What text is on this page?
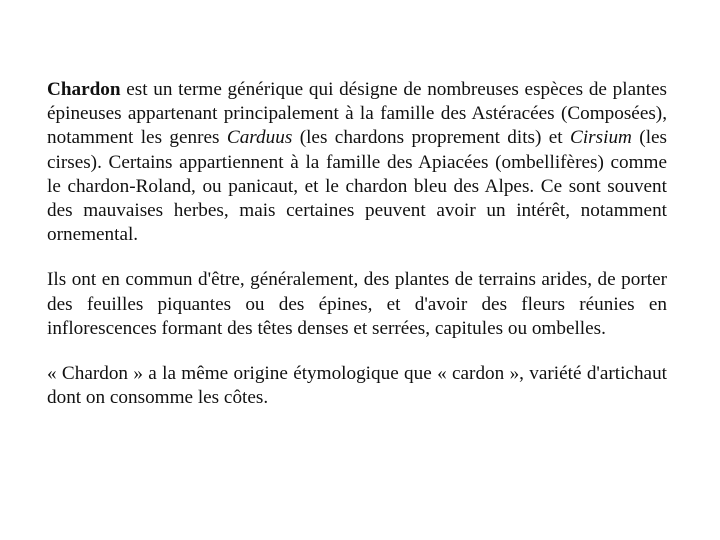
Chardon est un terme générique qui désigne de nombreuses espèces de plantes épineuses appartenant principalement à la famille des Astéracées (Composées), notamment les genres Carduus (les chardons proprement dits) et Cirsium (les cirses). Certains appartiennent à la famille des Apiacées (ombellifères) comme le chardon-Roland, ou panicaut, et le chardon bleu des Alpes. Ce sont souvent des mauvaises herbes, mais certaines peuvent avoir un intérêt, notamment ornemental.

Ils ont en commun d'être, généralement, des plantes de terrains arides, de porter des feuilles piquantes ou des épines, et d'avoir des fleurs réunies en inflorescences formant des têtes denses et serrées, capitules ou ombelles.

« Chardon » a la même origine étymologique que « cardon », variété d'artichaut dont on consomme les côtes.
